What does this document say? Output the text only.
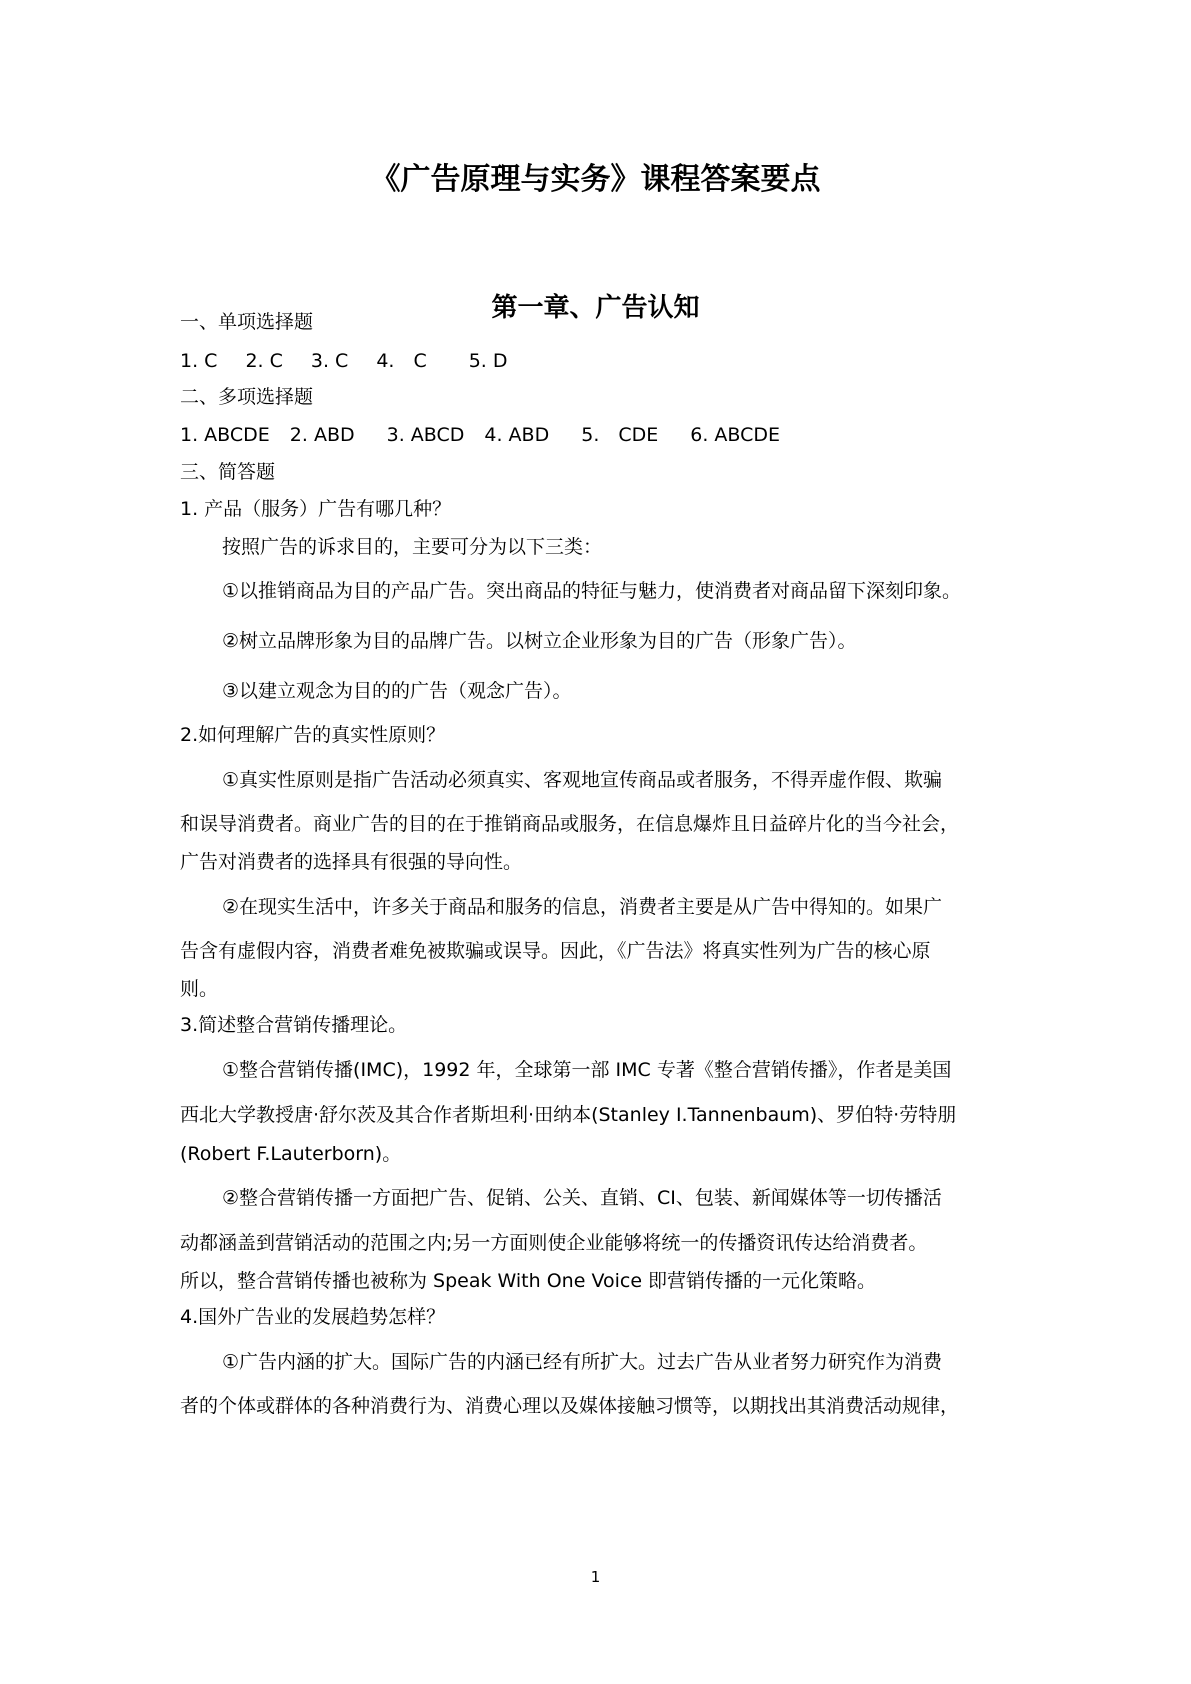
《广告原理与实务》课程答案要点
第一章、广告认知

一、单项选择题

1. C 2. C 3. C 4.　C 5. D

二、多项选择题

1. ABCDE 2. ABD 3. ABCD 4. ABD 5.　CDE 6. ABCDE

三、简答题

1. 产品（服务）广告有哪几种？

按照广告的诉求目的，主要可分为以下三类：

①以推销商品为目的产品广告。突出商品的特征与魅力，使消费者对商品留下深刻印象。

②树立品牌形象为目的品牌广告。以树立企业形象为目的广告（形象广告）。

③以建立观念为目的的广告（观念广告）。

2.如何理解广告的真实性原则？

①真实性原则是指广告活动必须真实、客观地宣传商品或者服务，不得弄虚作假、欺骗

和误导消费者。商业广告的目的在于推销商品或服务，在信息爆炸且日益碎片化的当今社会，

广告对消费者的选择具有很强的导向性。

②在现实生活中，许多关于商品和服务的信息，消费者主要是从广告中得知的。如果广

告含有虚假内容，消费者难免被欺骗或误导。因此，《广告法》将真实性列为广告的核心原

则。

3.简述整合营销传播理论。

①整合营销传播(IMC)，1992 年，全球第一部 IMC 专著《整合营销传播》，作者是美国

西北大学教授唐·舒尔茨及其合作者斯坦利·田纳本(Stanley I.Tannenbaum)、罗伯特·劳特朋

(Robert F.Lauterborn)。

②整合营销传播一方面把广告、促销、公关、直销、CI、包装、新闻媒体等一切传播活

动都涵盖到营销活动的范围之内;另一方面则使企业能够将统一的传播资讯传达给消费者。

所以，整合营销传播也被称为 Speak With One Voice 即营销传播的一元化策略。

4.国外广告业的发展趋势怎样？

①广告内涵的扩大。国际广告的内涵已经有所扩大。过去广告从业者努力研究作为消费

者的个体或群体的各种消费行为、消费心理以及媒体接触习惯等，以期找出其消费活动规律，

1
